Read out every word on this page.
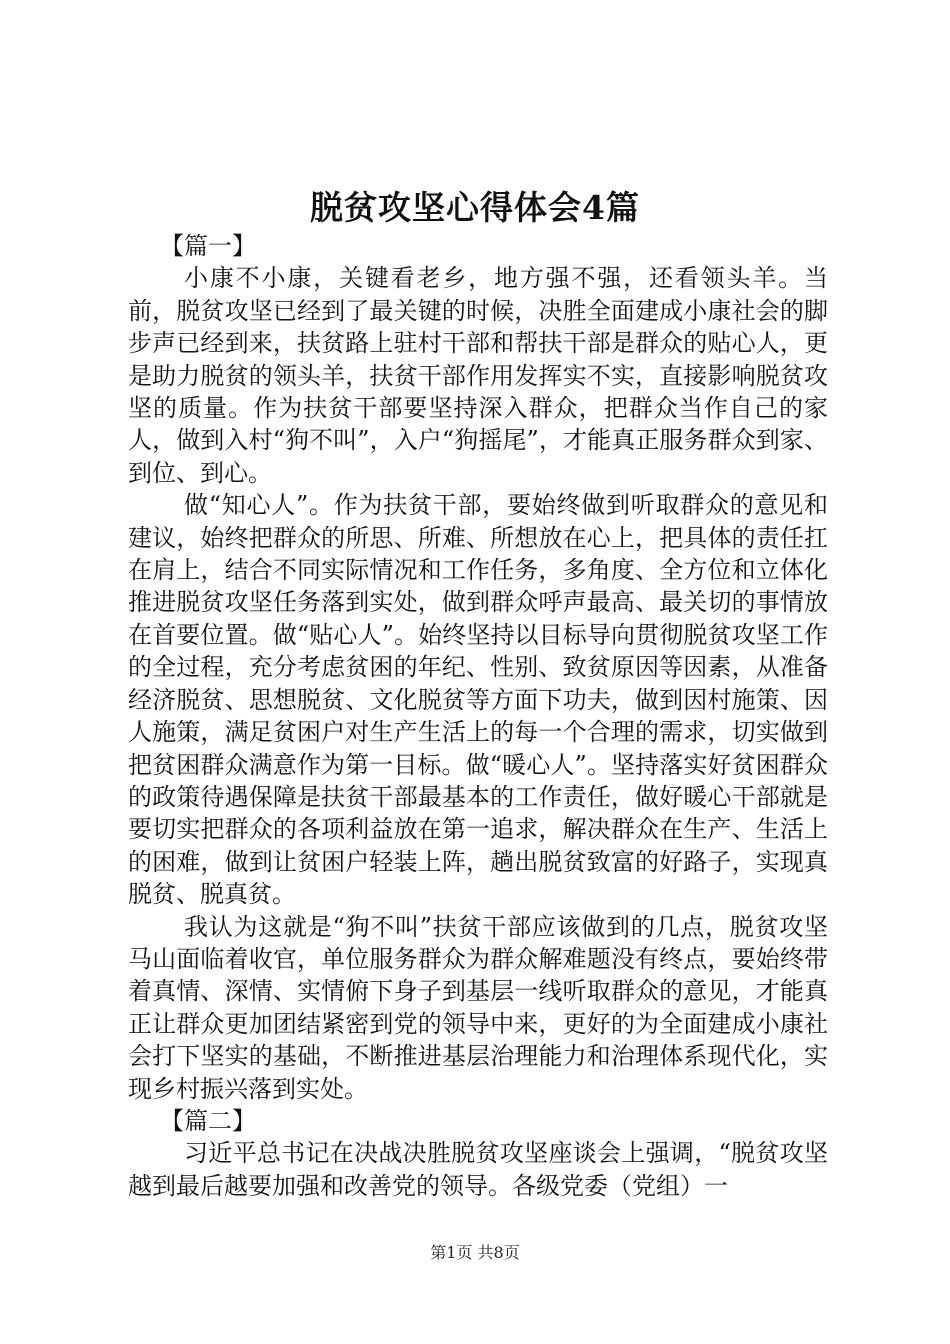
脱贫攻坚心得体会4篇
【篇一】

小康不小康，关键看老乡，地方强不强，还看领头羊。当前，脱贫攻坚已经到了最关键的时候，决胜全面建成小康社会的脚步声已经到来，扶贫路上驻村干部和帮扶干部是群众的贴心人，更是助力脱贫的领头羊，扶贫干部作用发挥实不实，直接影响脱贫攻坚的质量。作为扶贫干部要坚持深入群众，把群众当作自己的家人，做到入村“狗不叫”，入户“狗摇尾”，才能真正服务群众到家、到位、到心。

做“知心人”。作为扶贫干部，要始终做到听取群众的意见和建议，始终把群众的所思、所难、所想放在心上，把具体的责任扛在肩上，结合不同实际情况和工作任务，多角度、全方位和立体化推进脱贫攻坚任务落到实处，做到群众呼声最高、最关切的事情放在首要位置。做“贴心人”。始终坚持以目标导向贯彻脱贫攻坚工作的全过程，充分考虑贫困的年纪、性别、致贫原因等因素，从准备经济脱贫、思想脱贫、文化脱贫等方面下功夫，做到因村施策、因人施策，满足贫困户对生产生活上的每一个合理的需求，切实做到把贫困群众满意作为第一目标。做“暖心人”。坚持落实好贫困群众的政策待遇保障是扶贫干部最基本的工作责任，做好暖心干部就是要切实把群众的各项利益放在第一追求，解决群众在生产、生活上的困难，做到让贫困户轻装上阵，趟出脱贫致富的好路子，实现真脱贫、脱真贫。

我认为这就是“狗不叫”扶贫干部应该做到的几点，脱贫攻坚马山面临着收官，单位服务群众为群众解难题没有终点，要始终带着真情、深情、实情俯下身子到基层一线听取群众的意见，才能真正让群众更加团结紧密到党的领导中来，更好的为全面建成小康社会打下坚实的基础，不断推进基层治理能力和治理体系现代化，实现乡村振兴落到实处。

【篇二】

习近平总书记在决战决胜脱贫攻坚座谈会上强调，“脱贫攻坚越到最后越要加强和改善党的领导。各级党委（党组）一

第1页 共8页
